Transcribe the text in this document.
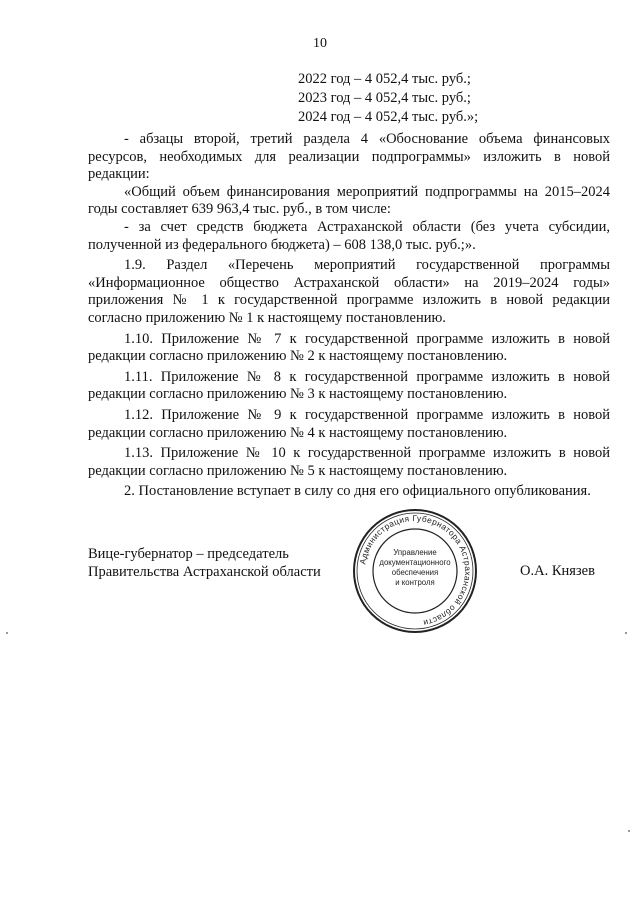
10
2022 год – 4 052,4 тыс. руб.;
2023 год – 4 052,4 тыс. руб.;
2024 год – 4 052,4 тыс. руб.»;

- абзацы второй, третий раздела 4 «Обоснование объема финансовых ресурсов, необходимых для реализации подпрограммы» изложить в новой редакции:

«Общий объем финансирования мероприятий подпрограммы на 2015–2024 годы составляет 639 963,4 тыс. руб., в том числе:

- за счет средств бюджета Астраханской области (без учета субсидии, полученной из федерального бюджета) – 608 138,0 тыс. руб.;».

1.9. Раздел «Перечень мероприятий государственной программы «Информационное общество Астраханской области» на 2019–2024 годы» приложения № 1 к государственной программе изложить в новой редакции согласно приложению № 1 к настоящему постановлению.

1.10. Приложение № 7 к государственной программе изложить в новой редакции согласно приложению № 2 к настоящему постановлению.

1.11. Приложение № 8 к государственной программе изложить в новой редакции согласно приложению № 3 к настоящему постановлению.

1.12. Приложение № 9 к государственной программе изложить в новой редакции согласно приложению № 4 к настоящему постановлению.

1.13. Приложение № 10 к государственной программе изложить в новой редакции согласно приложению № 5 к настоящему постановлению.

2. Постановление вступает в силу со дня его официального опубликования.

Вице-губернатор – председатель
Правительства Астраханской области
Администрация Губернатора Астраханской области
Управление
документационного
обеспечения
и контроля
О.А. Князев
